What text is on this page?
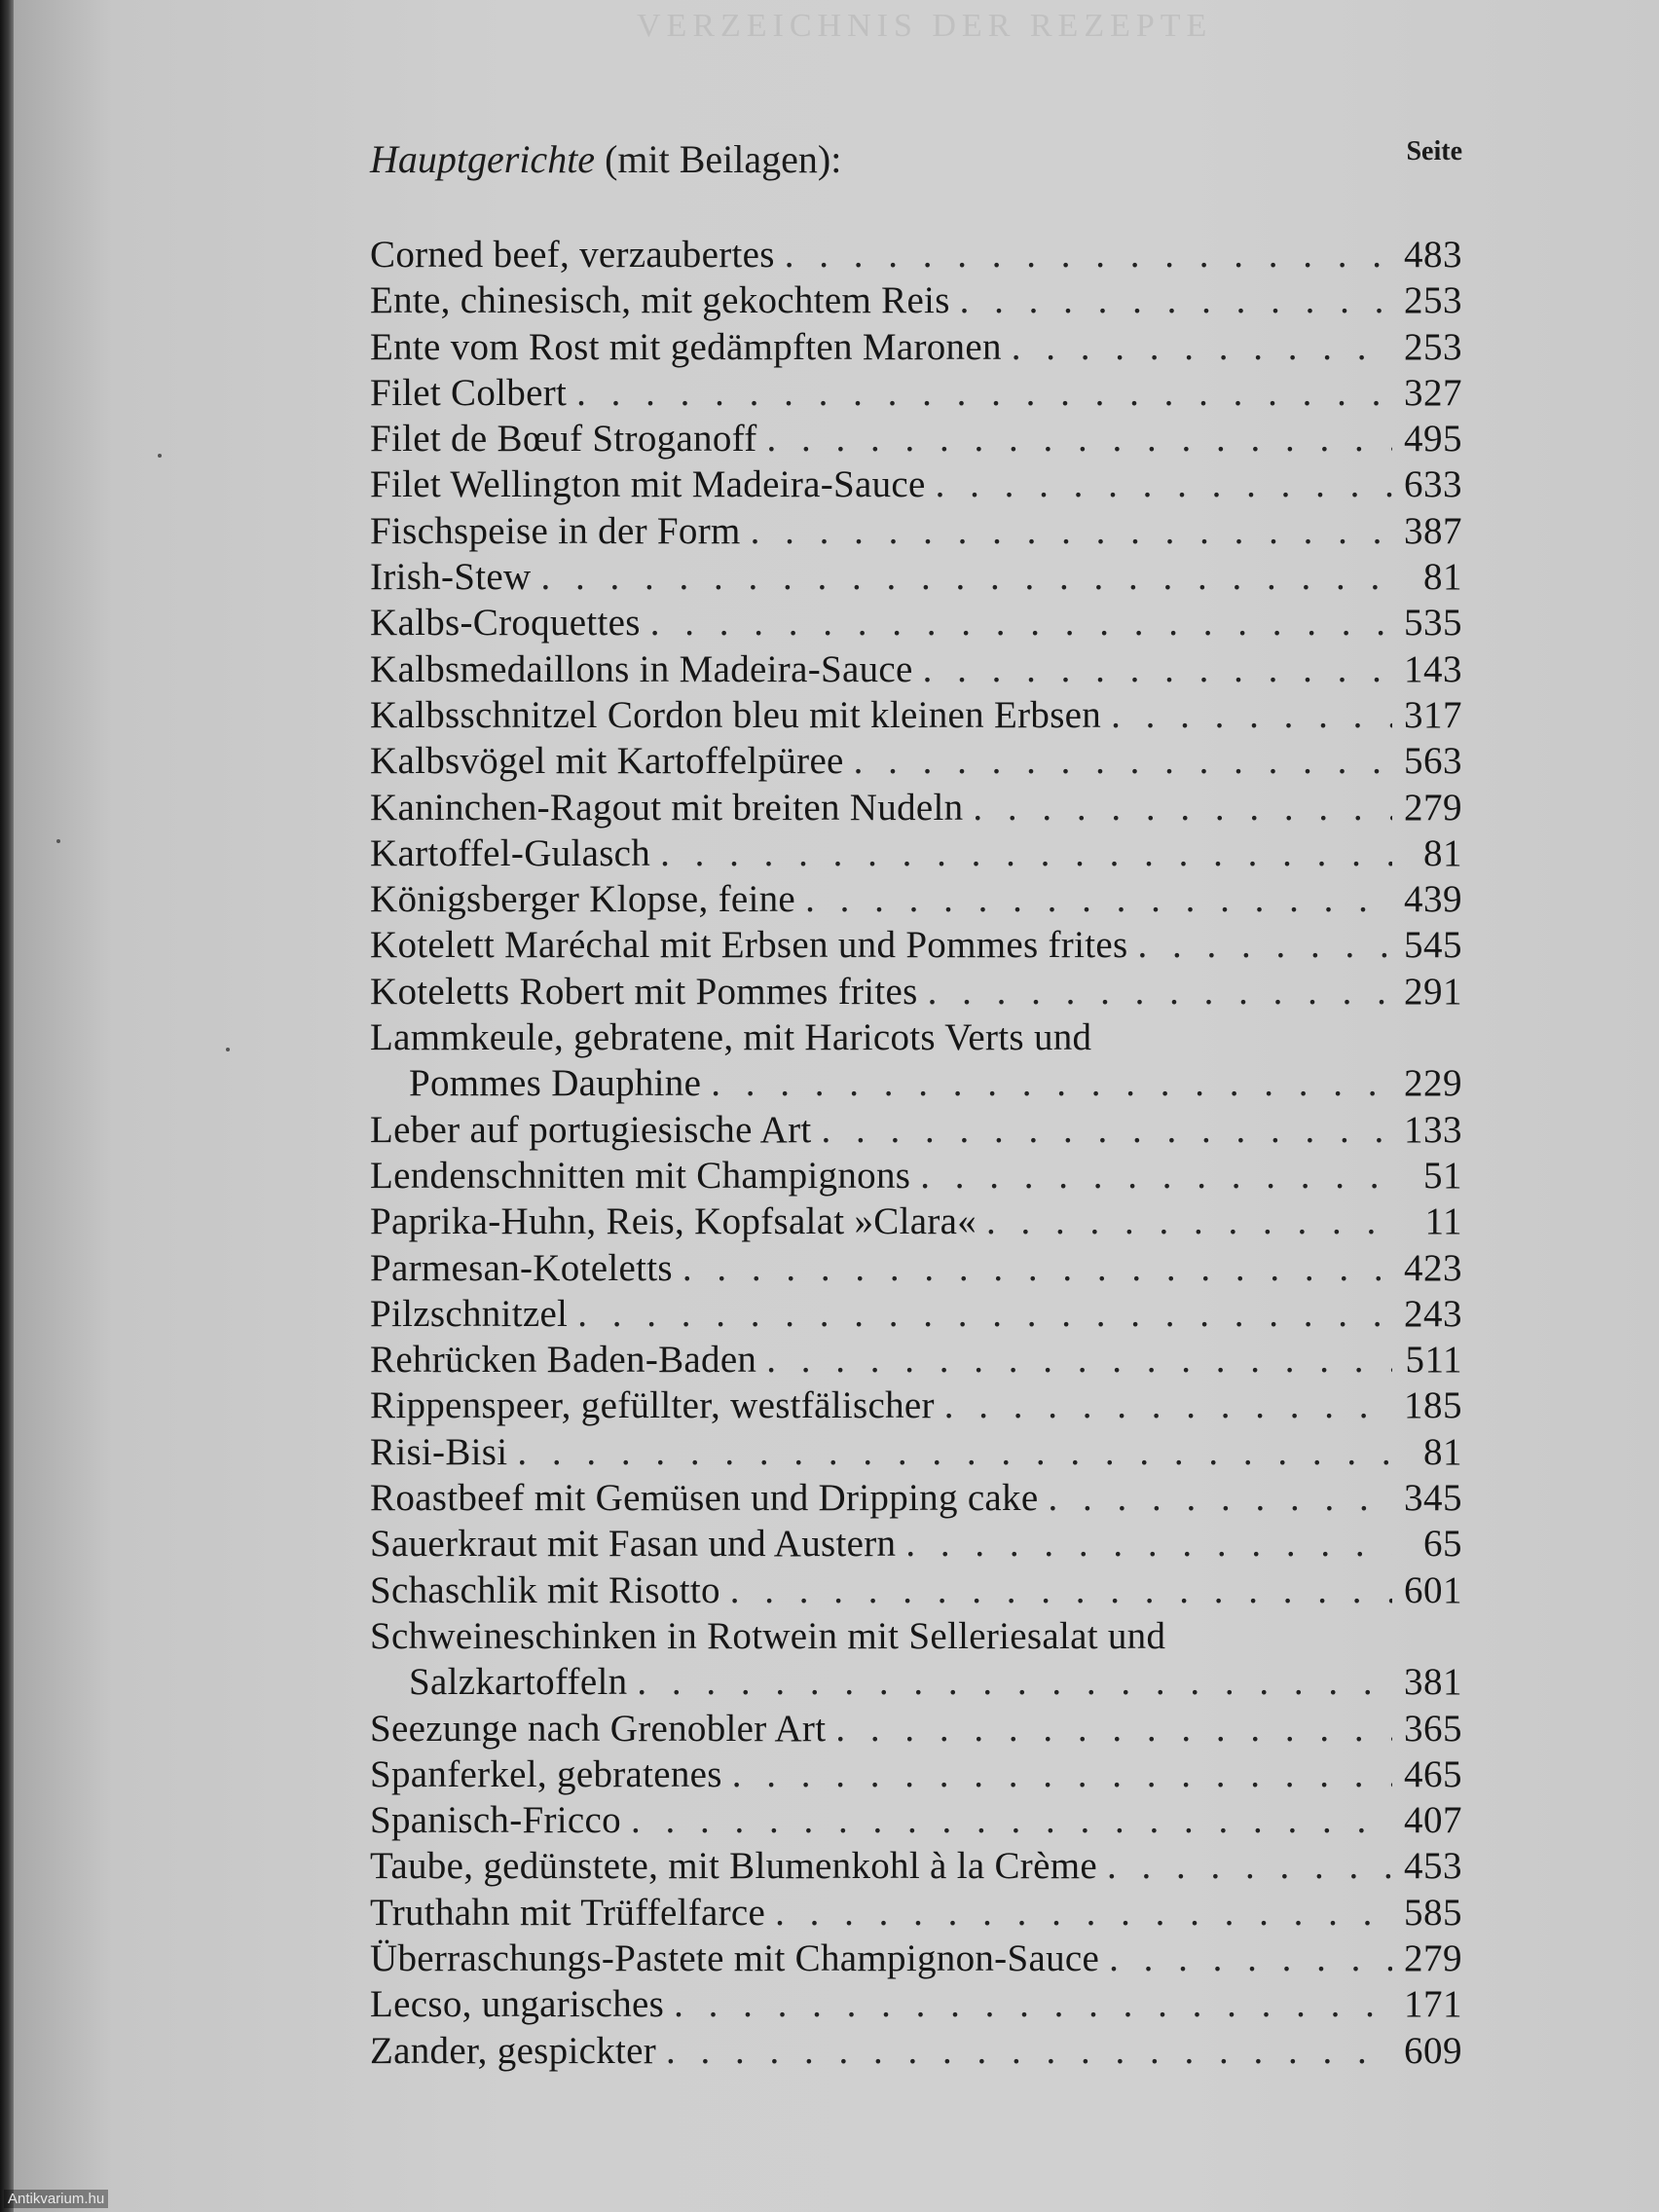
VERZEICHNIS DER REZEPTE
Hauptgerichte (mit Beilagen):	Seite
Corned beef, verzaubertes . . .	483
Ente, chinesisch, mit gekochtem Reis . . .	253
Ente vom Rost mit gedämpften Maronen . . .	253
Filet Colbert . . .	327
Filet de Bœuf Stroganoff . . .	495
Filet Wellington mit Madeira-Sauce . . .	633
Fischspeise in der Form . . .	387
Irish-Stew . . .	81
Kalbs-Croquettes . . .	535
Kalbsmedaillons in Madeira-Sauce . . .	143
Kalbsschnitzel Cordon bleu mit kleinen Erbsen . . .	317
Kalbsvögel mit Kartoffelpüree . . .	563
Kaninchen-Ragout mit breiten Nudeln . . .	279
Kartoffel-Gulasch . . .	81
Königsberger Klopse, feine . . .	439
Kotelett Maréchal mit Erbsen und Pommes frites . . .	545
Koteletts Robert mit Pommes frites . . .	291
Lammkeule, gebratene, mit Haricots Verts und
Pommes Dauphine . . .	229
Leber auf portugiesische Art . . .	133
Lendenschnitten mit Champignons . . .	51
Paprika-Huhn, Reis, Kopfsalat »Clara« . . .	11
Parmesan-Koteletts . . .	423
Pilzschnitzel . . .	243
Rehrücken Baden-Baden . . .	511
Rippenspeer, gefüllter, westfälischer . . .	185
Risi-Bisi . . .	81
Roastbeef mit Gemüsen und Dripping cake . . .	345
Sauerkraut mit Fasan und Austern . . .	65
Schaschlik mit Risotto . . .	601
Schweineschinken in Rotwein mit Selleriesalat und
Salzkartoffeln . . .	381
Seezunge nach Grenobler Art . . .	365
Spanferkel, gebratenes . . .	465
Spanisch-Fricco . . .	407
Taube, gedünstete, mit Blumenkohl à la Crème . . .	453
Truthahn mit Trüffelfarce . . .	585
Überraschungs-Pastete mit Champignon-Sauce . . .	279
Lecso, ungarisches . . .	171
Zander, gespickter . . .	609
Antikvarium.hu
